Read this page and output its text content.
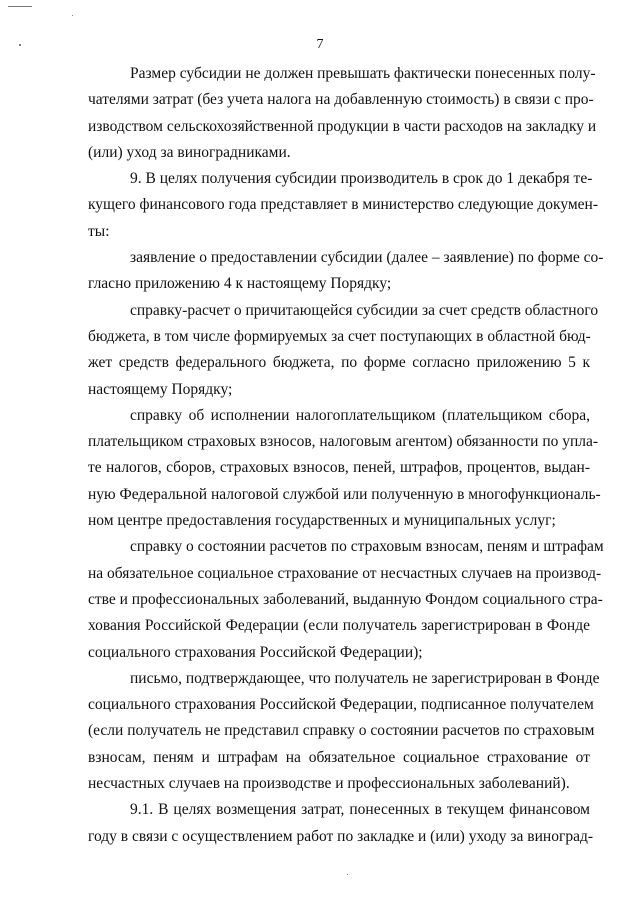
7

Размер субсидии не должен превышать фактически понесенных полу-
чателями затрат (без учета налога на добавленную стоимость) в связи с про-
изводством сельскохозяйственной продукции в части расходов на закладку и
(или) уход за виноградниками.

9. В целях получения субсидии производитель в срок до 1 декабря те-
кущего финансового года представляет в министерство следующие докумен-
ты:

заявление о предоставлении субсидии (далее – заявление) по форме со-
гласно приложению 4 к настоящему Порядку;

справку-расчет о причитающейся субсидии за счет средств областного
бюджета, в том числе формируемых за счет поступающих в областной бюд-
жет средств федерального бюджета, по форме согласно приложению 5 к
настоящему Порядку;

справку об исполнении налогоплательщиком (плательщиком сбора,
плательщиком страховых взносов, налоговым агентом) обязанности по упла-
те налогов, сборов, страховых взносов, пеней, штрафов, процентов, выдан-
ную Федеральной налоговой службой или полученную в многофункциональ-
ном центре предоставления государственных и муниципальных услуг;

справку о состоянии расчетов по страховым взносам, пеням и штрафам
на обязательное социальное страхование от несчастных случаев на производ-
стве и профессиональных заболеваний, выданную Фондом социального стра-
хования Российской Федерации (если получатель зарегистрирован в Фонде
социального страхования Российской Федерации);

письмо, подтверждающее, что получатель не зарегистрирован в Фонде
социального страхования Российской Федерации, подписанное получателем
(если получатель не представил справку о состоянии расчетов по страховым
взносам, пеням и штрафам на обязательное социальное страхование от
несчастных случаев на производстве и профессиональных заболеваний).

9.1. В целях возмещения затрат, понесенных в текущем финансовом
году в связи с осуществлением работ по закладке и (или) уходу за виноград-
